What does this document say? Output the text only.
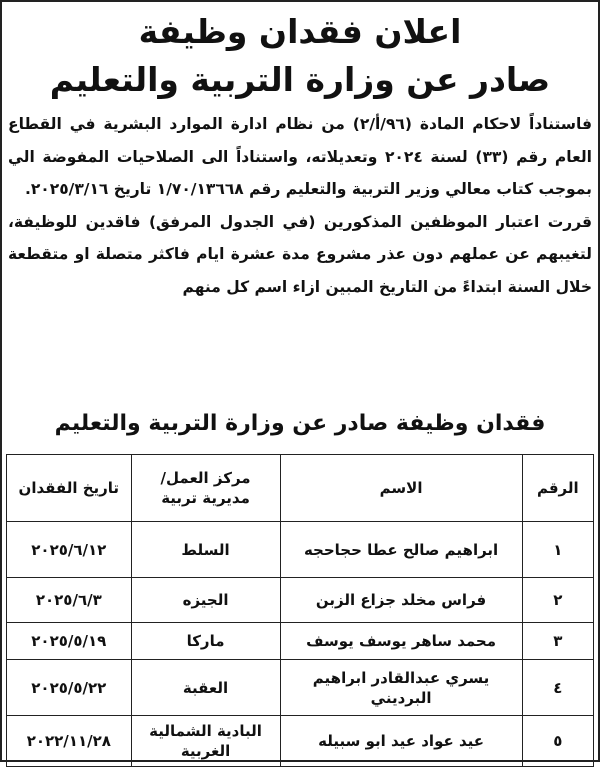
اعلان فقدان وظيفة
صادر عن وزارة التربية والتعليم

فاستناداً لاحكام المادة (٩٦/أ/٢) من نظام ادارة الموارد البشرية في القطاع العام رقم (٣٣) لسنة ٢٠٢٤ وتعديلاته، واستناداً الى الصلاحيات المفوضة الي بموجب كتاب معالي وزير التربية والتعليم رقم ١/٧٠/١٣٦٦٨ تاريخ ٢٠٢٥/٣/١٦.

قررت اعتبار الموظفين المذكورين (في الجدول المرفق) فاقدين للوظيفة، لتغيبهم عن عملهم دون عذر مشروع مدة عشرة ايام فاكثر متصلة او متقطعة خلال السنة ابتداءً من التاريخ المبين ازاء اسم كل منهم

فقدان وظيفة صادر عن وزارة التربية والتعليم
الرقم	الاسم	مركز العمل/ مديرية تربية	تاريخ الفقدان
١	ابراهيم صالح عطا حجاحجه	السلط	٢٠٢٥/٦/١٢
٢	فراس مخلد جزاع الزبن	الجيزه	٢٠٢٥/٦/٣
٣	محمد ساهر يوسف يوسف	ماركا	٢٠٢٥/٥/١٩
٤	يسري عبدالقادر ابراهيم البرديني	العقبة	٢٠٢٥/٥/٢٢
٥	عيد عواد عيد ابو سبيله	البادية الشمالية الغربية	٢٠٢٢/١١/٢٨
